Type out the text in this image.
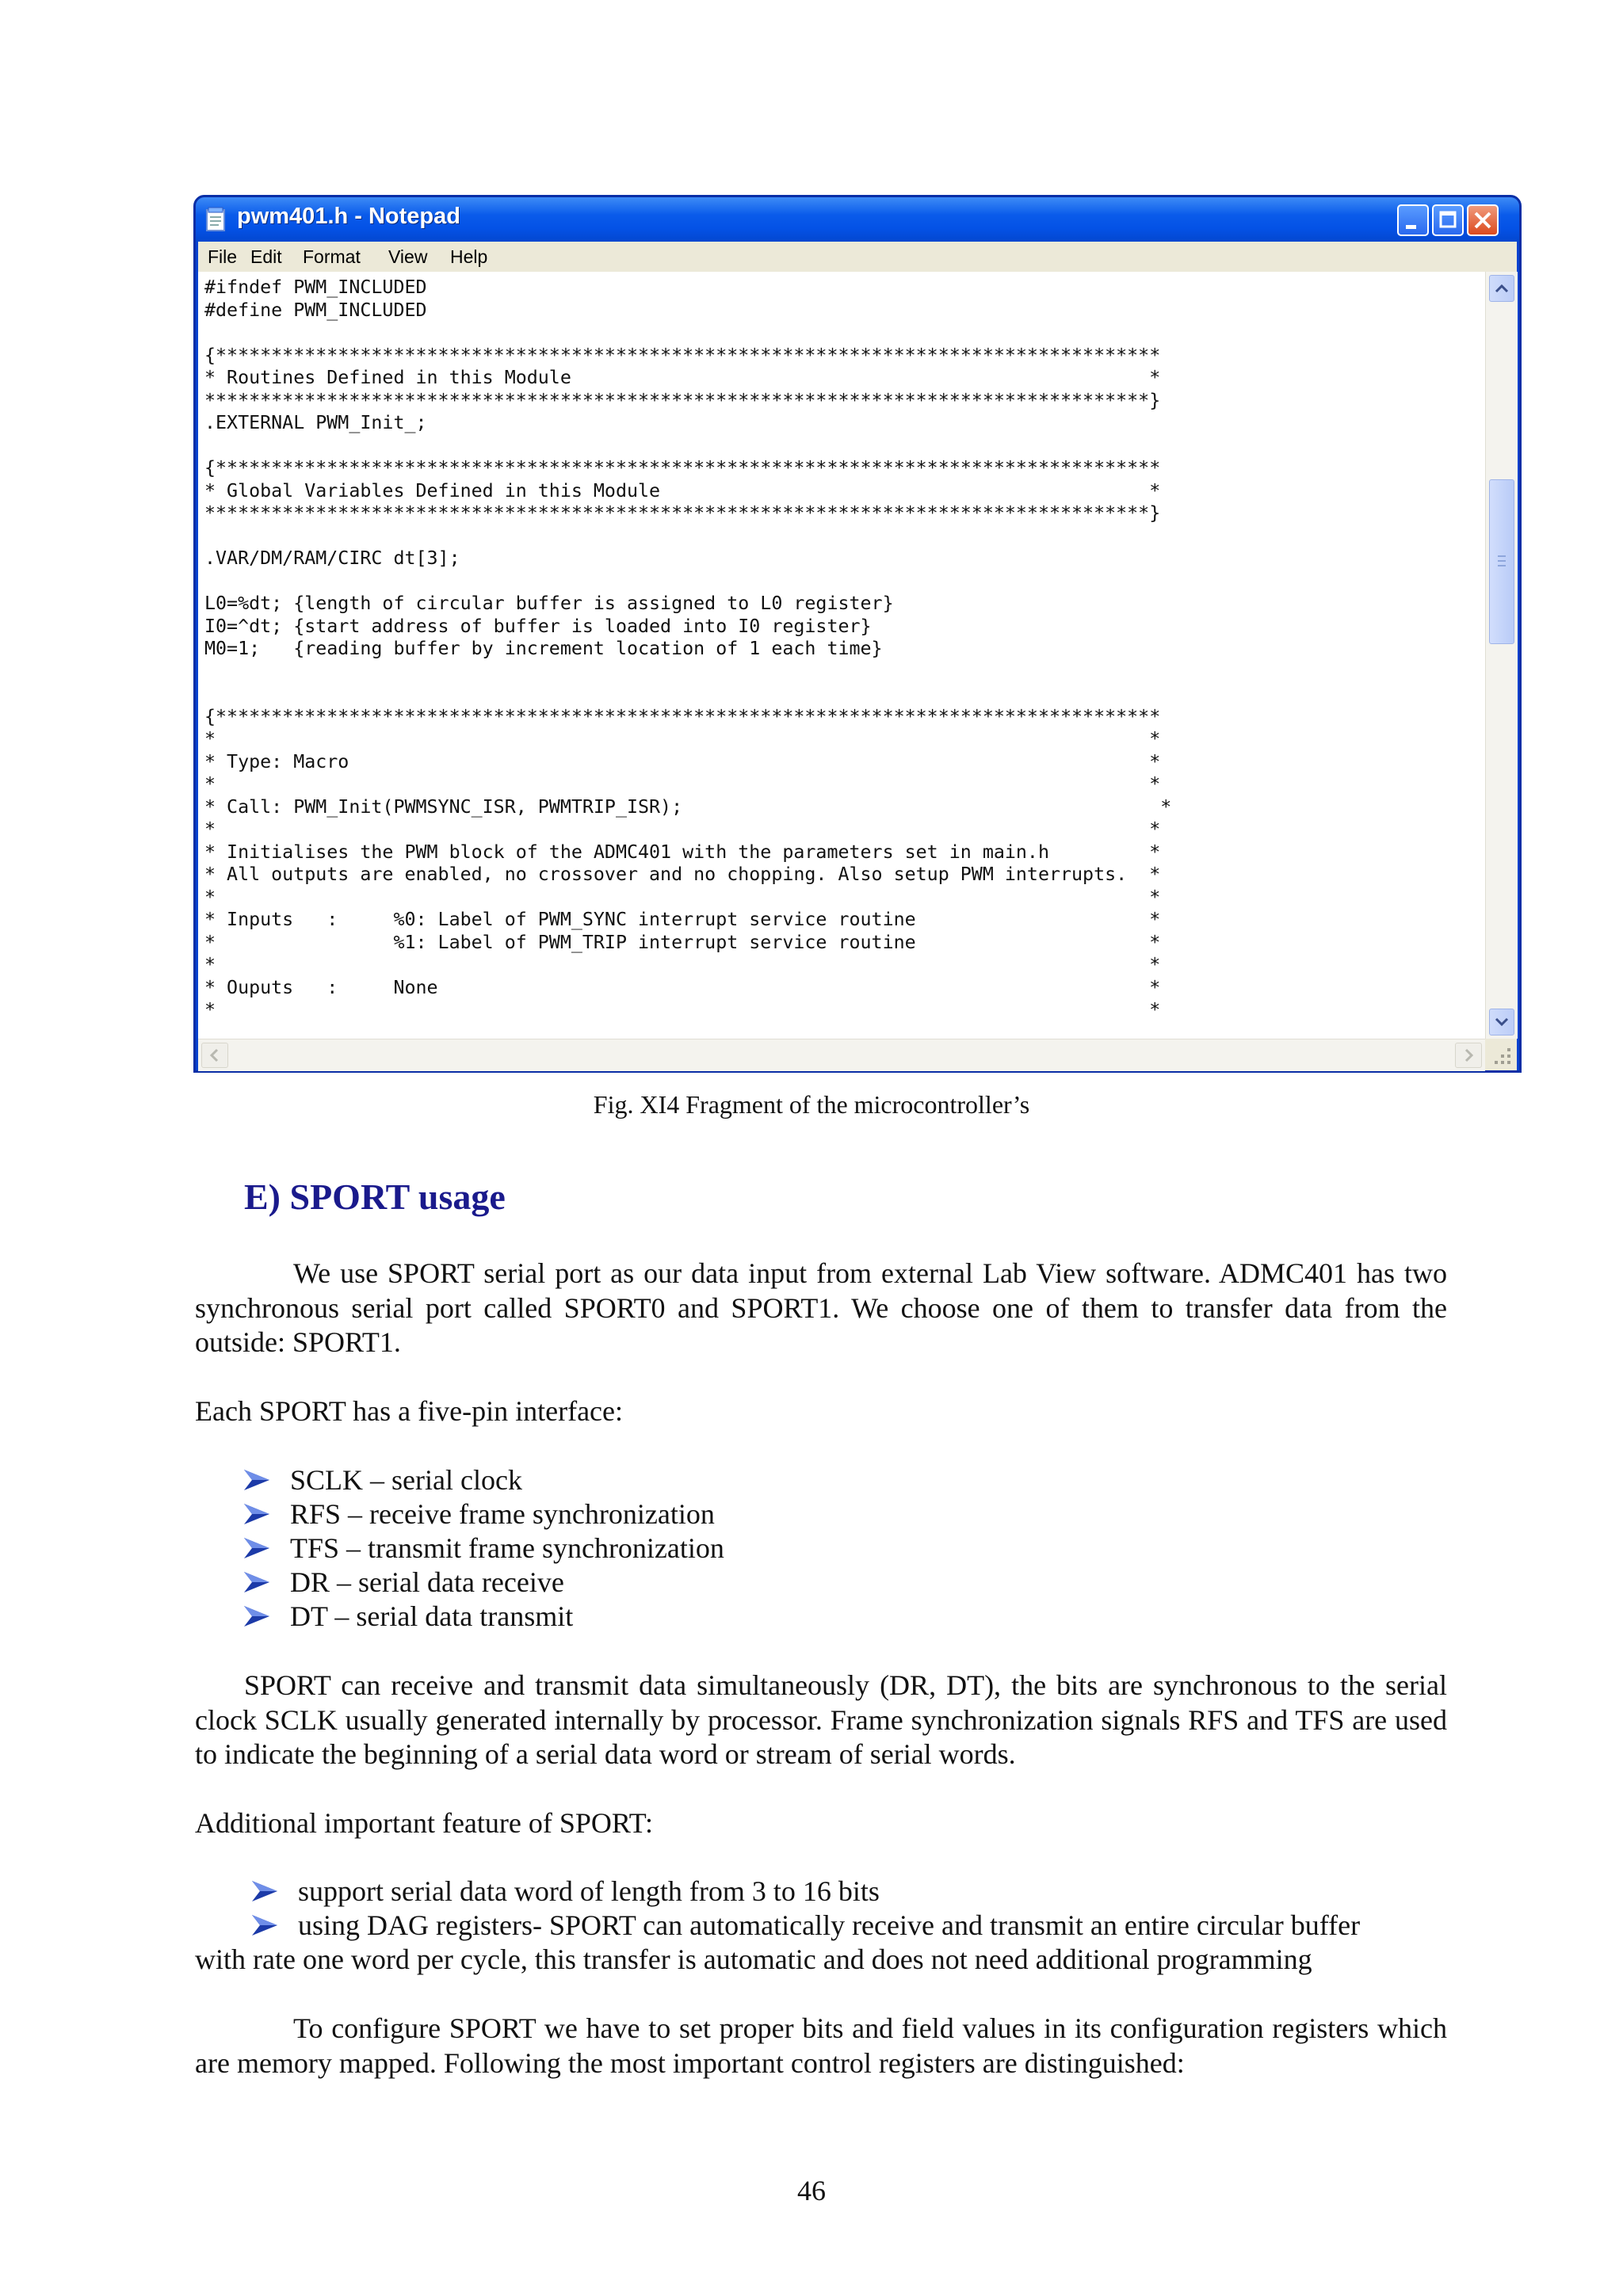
pwm401.h - Notepad
File Edit Format View Help
#ifndef PWM_INCLUDED
#define PWM_INCLUDED

{*************************************************************************************
* Routines Defined in this Module                                                    *
*************************************************************************************}
.EXTERNAL PWM_Init_;

{*************************************************************************************
* Global Variables Defined in this Module                                            *
*************************************************************************************}

.VAR/DM/RAM/CIRC dt[3];

L0=%dt; {length of circular buffer is assigned to L0 register}
I0=^dt; {start address of buffer is loaded into I0 register}
M0=1;   {reading buffer by increment location of 1 each time}

{*************************************************************************************
*                                                                                    *
* Type: Macro                                                                        *
*                                                                                    *
* Call: PWM_Init(PWMSYNC_ISR, PWMTRIP_ISR);                                           *
*                                                                                    *
* Initialises the PWM block of the ADMC401 with the parameters set in main.h         *
* All outputs are enabled, no crossover and no chopping. Also setup PWM interrupts.  *
*                                                                                    *
* Inputs   :     %0: Label of PWM_SYNC interrupt service routine                     *
*                %1: Label of PWM_TRIP interrupt service routine                     *
*                                                                                    *
* Ouputs   :     None                                                                *
*                                                                                    *
Fig. XI4 Fragment of the microcontroller’s
E) SPORT usage

We use SPORT serial port as our data input from external Lab View software. ADMC401 has two synchronous serial port called SPORT0 and SPORT1. We choose one of them to transfer data from the outside: SPORT1.

Each SPORT has a five-pin interface:

SCLK – serial clock
RFS – receive frame synchronization
TFS – transmit frame synchronization
DR – serial data receive
DT – serial data transmit

SPORT can receive and transmit data simultaneously (DR, DT), the bits are synchronous to the serial clock SCLK usually generated internally by processor. Frame synchronization signals RFS and TFS are used to indicate the beginning of a serial data word or stream of serial words.

Additional important feature of SPORT:

support serial data word of length from 3 to 16 bits
using DAG registers- SPORT can automatically receive and transmit an entire circular buffer

with rate one word per cycle, this transfer is automatic and does not need additional programming

To configure SPORT we have to set proper bits and field values in its configuration registers which are memory mapped. Following the most important control registers are distinguished:

46
